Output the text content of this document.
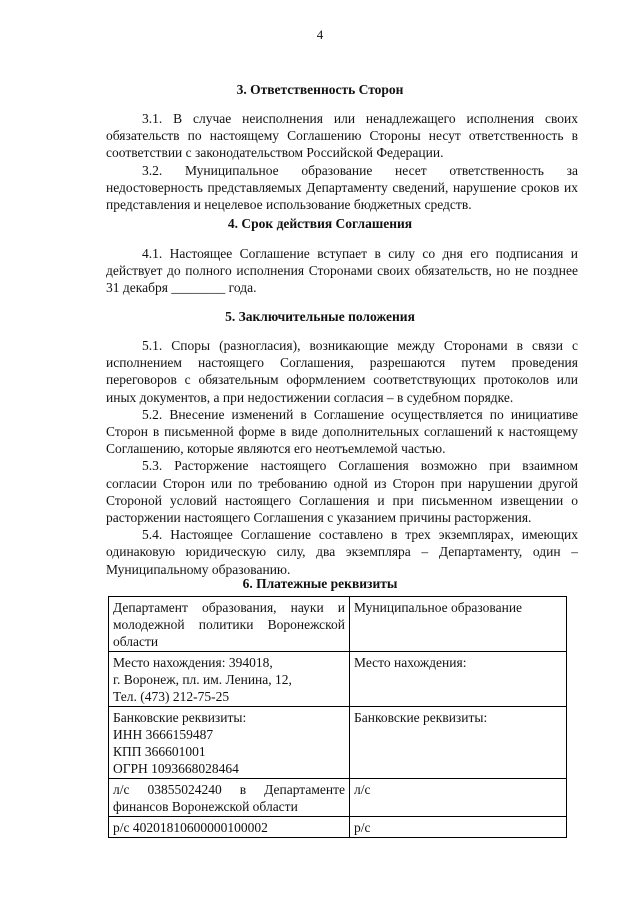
4
3. Ответственность Сторон

3.1. В случае неисполнения или ненадлежащего исполнения своих обязательств по настоящему Соглашению Стороны несут ответственность в соответствии с законодательством Российской Федерации.

3.2. Муниципальное образование несет ответственность за недостоверность представляемых Департаменту сведений, нарушение сроков их представления и нецелевое использование бюджетных средств.

4. Срок действия Соглашения

4.1. Настоящее Соглашение вступает в силу со дня его подписания и действует до полного исполнения Сторонами своих обязательств, но не позднее 31 декабря ________ года.

5. Заключительные положения

5.1. Споры (разногласия), возникающие между Сторонами в связи с исполнением настоящего Соглашения, разрешаются путем проведения переговоров с обязательным оформлением соответствующих протоколов или иных документов, а при недостижении согласия – в судебном порядке.

5.2. Внесение изменений в Соглашение осуществляется по инициативе Сторон в письменной форме в виде дополнительных соглашений к настоящему Соглашению, которые являются его неотъемлемой частью.

5.3. Расторжение настоящего Соглашения возможно при взаимном согласии Сторон или по требованию одной из Сторон при нарушении другой Стороной условий настоящего Соглашения и при письменном извещении о расторжении настоящего Соглашения с указанием причины расторжения.

5.4. Настоящее Соглашение составлено в трех экземплярах, имеющих одинаковую юридическую силу, два экземпляра – Департаменту, один – Муниципальному образованию.

6. Платежные реквизиты
Департамент образования, науки и молодежной политики Воронежской области	Муниципальное образование

Место нахождения: 394018,
г. Воронеж, пл. им. Ленина, 12,
Тел. (473) 212-75-25	Место нахождения:

Банковские реквизиты:
ИНН 3666159487
КПП 366601001
ОГРН 1093668028464	Банковские реквизиты:
л/с 03855024240 в Департаменте финансов Воронежской области	л/с
р/с 40201810600000100002	р/с
